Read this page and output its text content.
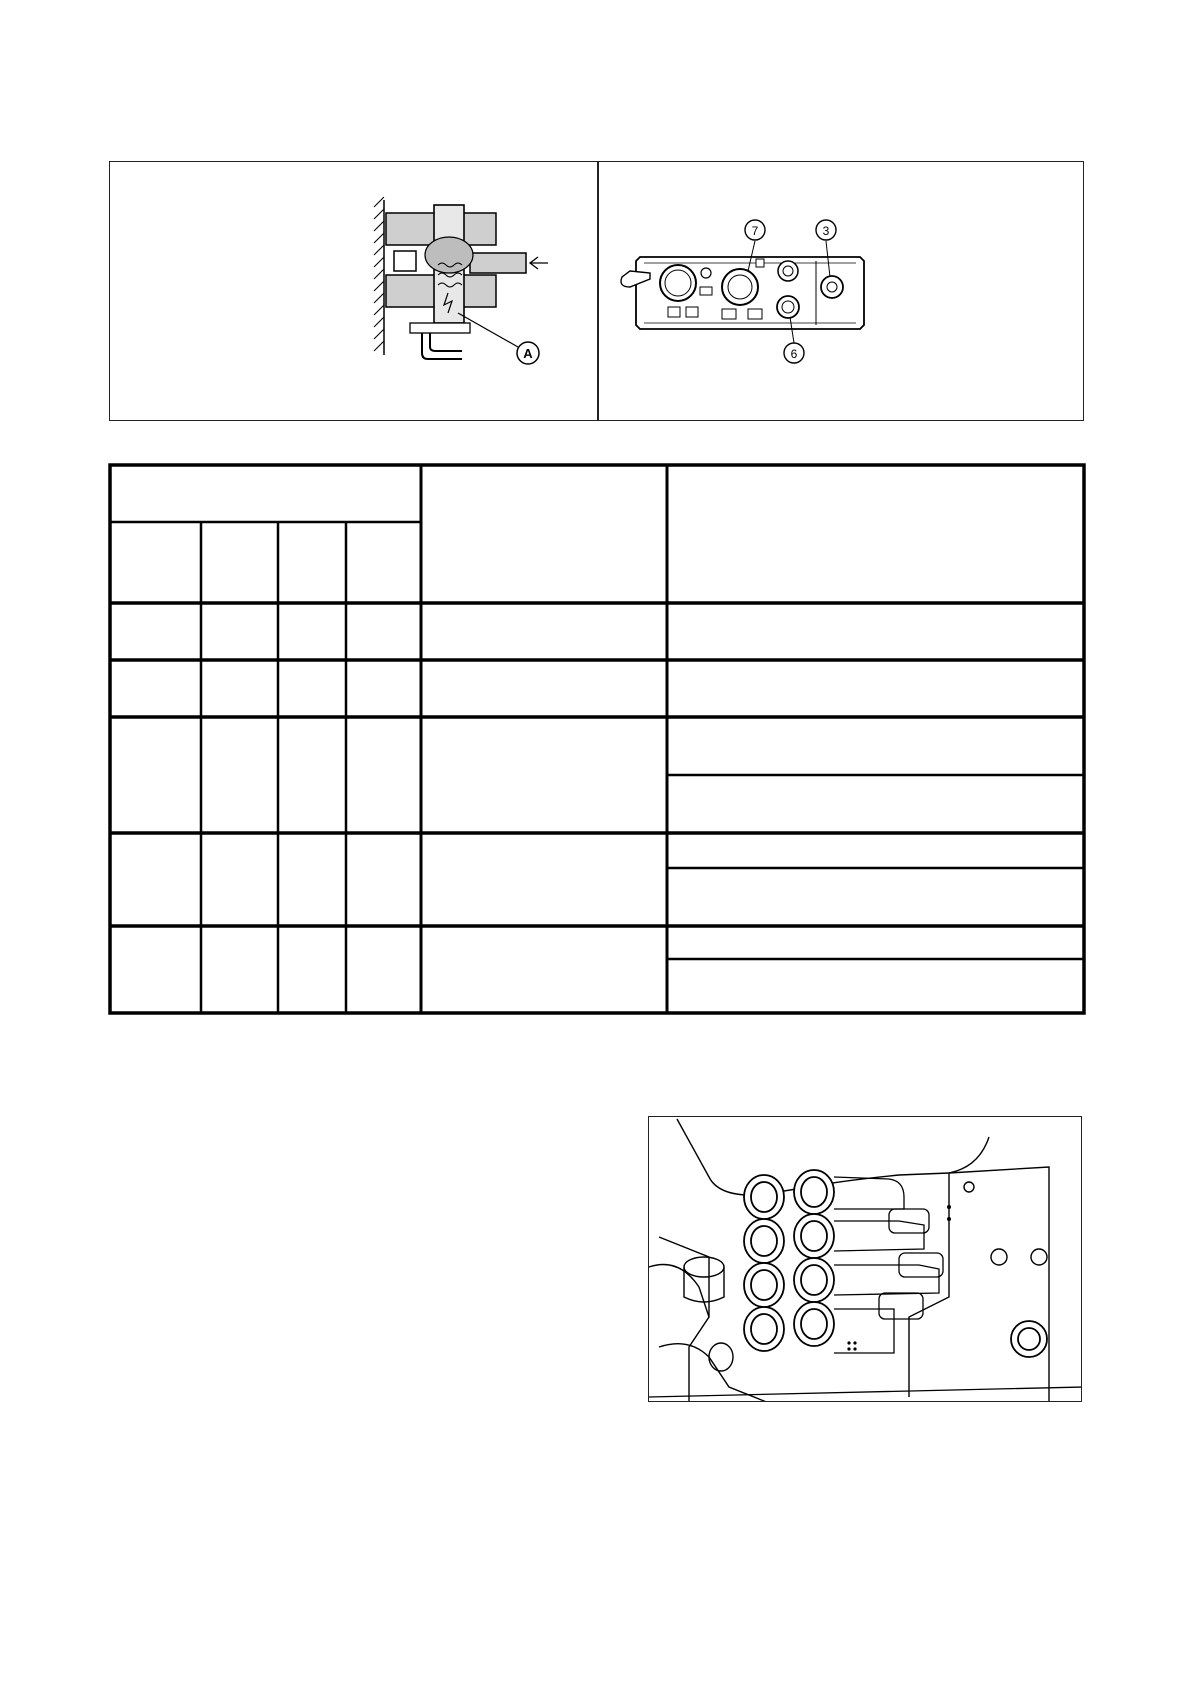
A
7	3
6
